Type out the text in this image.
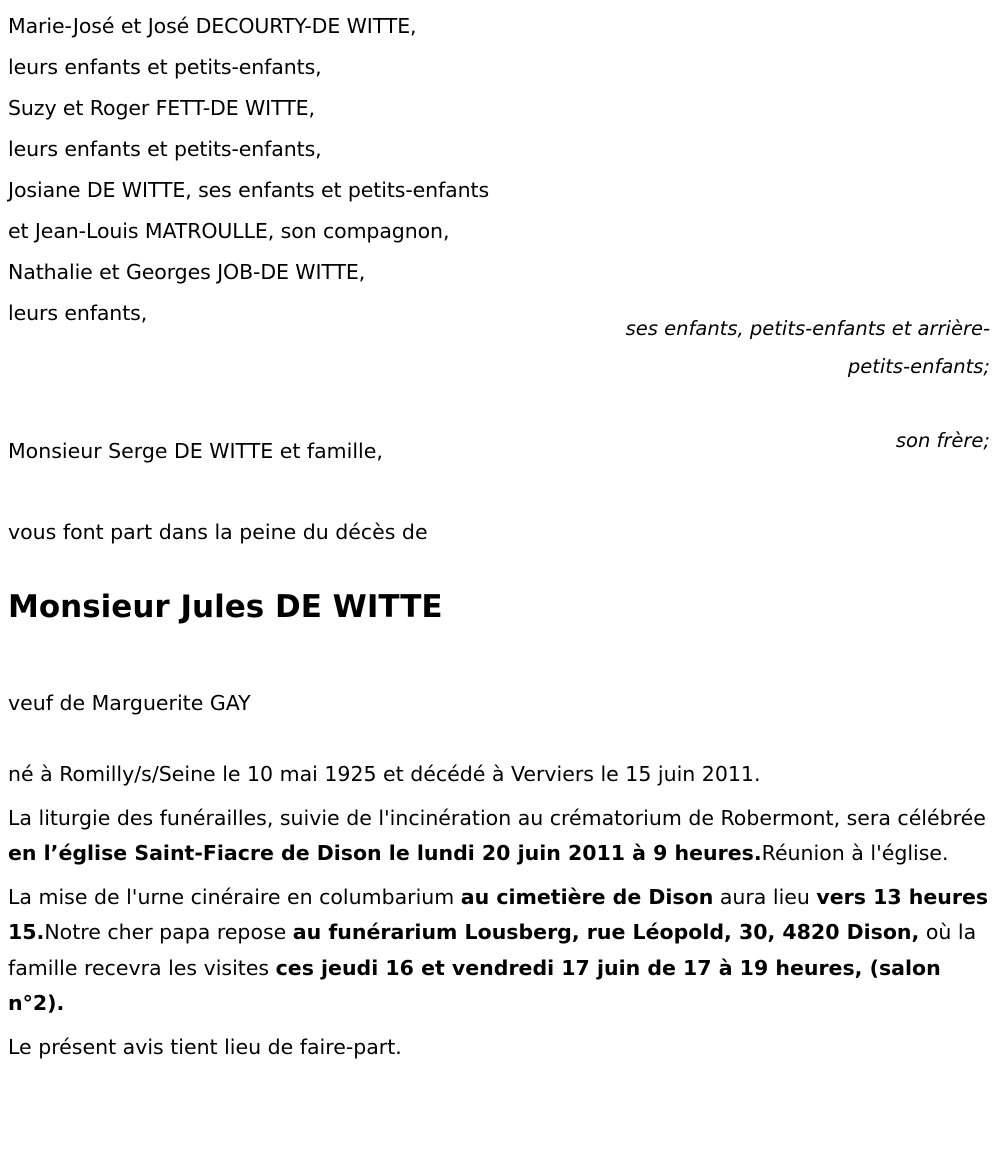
Marie-José et José DECOURTY-DE WITTE,
leurs enfants et petits-enfants,
Suzy et Roger FETT-DE WITTE,
leurs enfants et petits-enfants,
Josiane DE WITTE, ses enfants et petits-enfants
et Jean-Louis MATROULLE, son compagnon,
Nathalie et Georges JOB-DE WITTE,
leurs enfants,
ses enfants, petits-enfants et arrière-petits-enfants;
son frère;
Monsieur Serge DE WITTE et famille,
vous font part dans la peine du décès de
Monsieur Jules DE WITTE
veuf de Marguerite GAY

né à Romilly/s/Seine le 10 mai 1925 et décédé à Verviers le 15 juin 2011.

La liturgie des funérailles, suivie de l'incinération au crématorium de Robermont, sera célébrée en l’église Saint-Fiacre de Dison le lundi 20 juin 2011 à 9 heures.Réunion à l'église.

La mise de l'urne cinéraire en columbarium au cimetière de Dison aura lieu vers 13 heures 15.Notre cher papa repose au funérarium Lousberg, rue Léopold, 30, 4820 Dison, où la famille recevra les visites ces jeudi 16 et vendredi 17 juin de 17 à 19 heures, (salon n°2).

Le présent avis tient lieu de faire-part.
